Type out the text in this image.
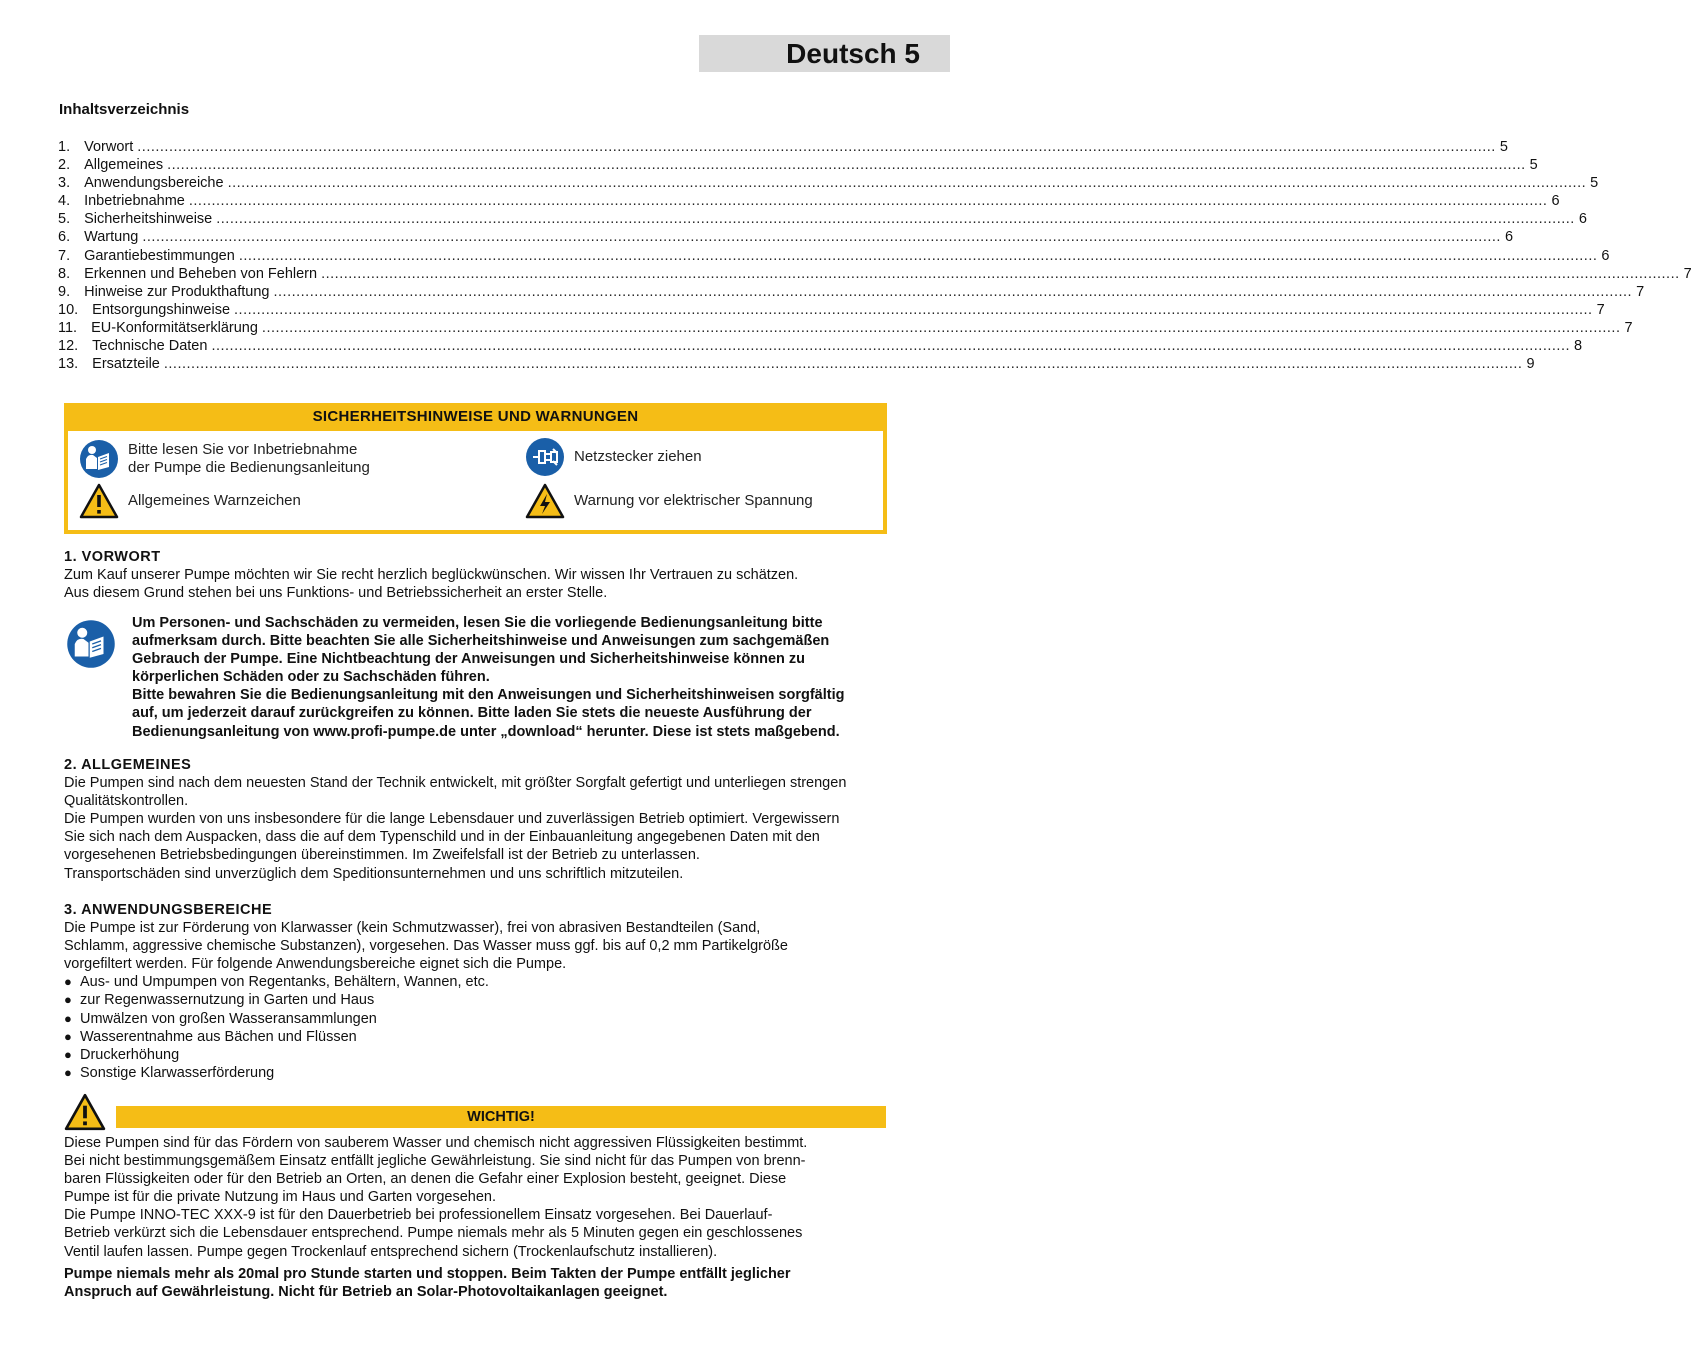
Deutsch 5
Inhaltsverzeichnis
1. Vorwort ............................................................................................................................................................................................................................................................................................................ 5
2. Allgemeines ............................................................................................................................................................................................................................................................................................................ 5
3. Anwendungsbereiche ............................................................................................................................................................................................................................................................................................................ 5
4. Inbetriebnahme ............................................................................................................................................................................................................................................................................................................ 6
5. Sicherheitshinweise ............................................................................................................................................................................................................................................................................................................ 6
6. Wartung ............................................................................................................................................................................................................................................................................................................ 6
7. Garantiebestimmungen ............................................................................................................................................................................................................................................................................................................ 6
8. Erkennen und Beheben von Fehlern ............................................................................................................................................................................................................................................................................................................ 7
9. Hinweise zur Produkthaftung ............................................................................................................................................................................................................................................................................................................ 7
10. Entsorgungshinweise ............................................................................................................................................................................................................................................................................................................ 7
11. EU-Konformitätserklärung ............................................................................................................................................................................................................................................................................................................ 7
12. Technische Daten ............................................................................................................................................................................................................................................................................................................ 8
13. Ersatzteile ............................................................................................................................................................................................................................................................................................................ 9
SICHERHEITSHINWEISE UND WARNUNGEN
Bitte lesen Sie vor Inbetriebnahme
der Pumpe die Bedienungsanleitung
Netzstecker ziehen
Allgemeines Warnzeichen	Warnung vor elektrischer Spannung
1. VORWORT
Zum Kauf unserer Pumpe möchten wir Sie recht herzlich beglückwünschen. Wir wissen Ihr Vertrauen zu schätzen.
Aus diesem Grund stehen bei uns Funktions- und Betriebssicherheit an erster Stelle.
Um Personen- und Sachschäden zu vermeiden, lesen Sie die vorliegende Bedienungsanleitung bitte
aufmerksam durch. Bitte beachten Sie alle Sicherheitshinweise und Anweisungen zum sachgemäßen
Gebrauch der Pumpe. Eine Nichtbeachtung der Anweisungen und Sicherheitshinweise können zu
körperlichen Schäden oder zu Sachschäden führen.
Bitte bewahren Sie die Bedienungsanleitung mit den Anweisungen und Sicherheitshinweisen sorgfältig
auf, um jederzeit darauf zurückgreifen zu können. Bitte laden Sie stets die neueste Ausführung der
Bedienungsanleitung von www.profi-pumpe.de unter „download“ herunter. Diese ist stets maßgebend.
2. ALLGEMEINES
Die Pumpen sind nach dem neuesten Stand der Technik entwickelt, mit größter Sorgfalt gefertigt und unterliegen strengen
Qualitätskontrollen.
Die Pumpen wurden von uns insbesondere für die lange Lebensdauer und zuverlässigen Betrieb optimiert. Vergewissern
Sie sich nach dem Auspacken, dass die auf dem Typenschild und in der Einbauanleitung angegebenen Daten mit den
vorgesehenen Betriebsbedingungen übereinstimmen. Im Zweifelsfall ist der Betrieb zu unterlassen.
Transportschäden sind unverzüglich dem Speditionsunternehmen und uns schriftlich mitzuteilen.
3. ANWENDUNGSBEREICHE
Die Pumpe ist zur Förderung von Klarwasser (kein Schmutzwasser), frei von abrasiven Bestandteilen (Sand,
Schlamm, aggressive chemische Substanzen), vorgesehen. Das Wasser muss ggf. bis auf 0,2 mm Partikelgröße
vorgefiltert werden. Für folgende Anwendungsbereiche eignet sich die Pumpe.
● Aus- und Umpumpen von Regentanks, Behältern, Wannen, etc.
● zur Regenwassernutzung in Garten und Haus
● Umwälzen von großen Wasseransammlungen
● Wasserentnahme aus Bächen und Flüssen
● Druckerhöhung
● Sonstige Klarwasserförderung
WICHTIG!
Diese Pumpen sind für das Fördern von sauberem Wasser und chemisch nicht aggressiven Flüssigkeiten bestimmt.
Bei nicht bestimmungsgemäßem Einsatz entfällt jegliche Gewährleistung. Sie sind nicht für das Pumpen von brenn-
baren Flüssigkeiten oder für den Betrieb an Orten, an denen die Gefahr einer Explosion besteht, geeignet. Diese
Pumpe ist für die private Nutzung im Haus und Garten vorgesehen.
Die Pumpe INNO-TEC XXX-9 ist für den Dauerbetrieb bei professionellem Einsatz vorgesehen. Bei Dauerlauf-
Betrieb verkürzt sich die Lebensdauer entsprechend. Pumpe niemals mehr als 5 Minuten gegen ein geschlossenes
Ventil laufen lassen. Pumpe gegen Trockenlauf entsprechend sichern (Trockenlaufschutz installieren).
Pumpe niemals mehr als 20mal pro Stunde starten und stoppen. Beim Takten der Pumpe entfällt jeglicher
Anspruch auf Gewährleistung. Nicht für Betrieb an Solar-Photovoltaikanlagen geeignet.
